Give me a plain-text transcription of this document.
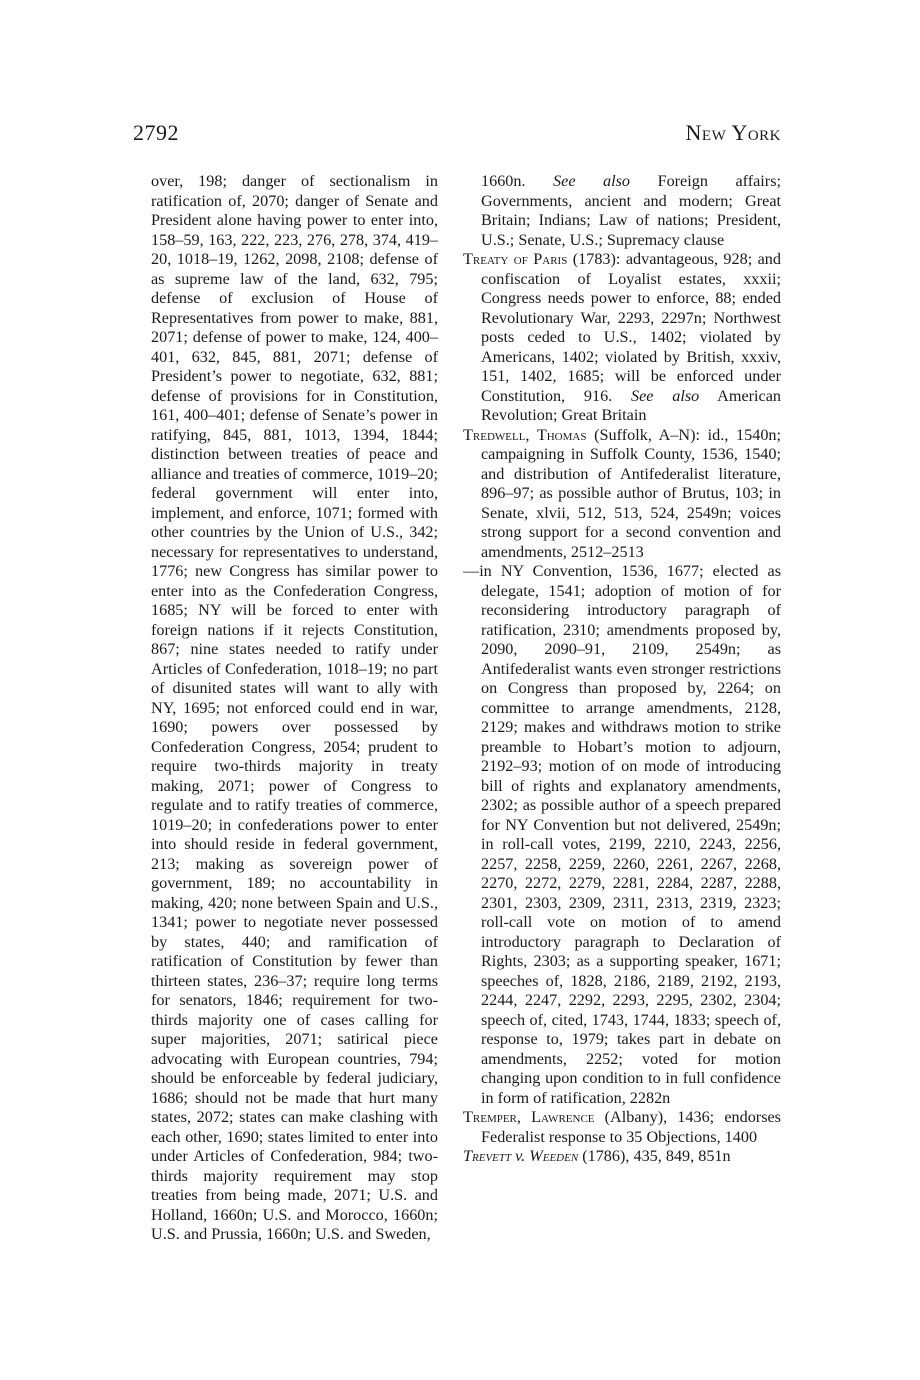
2792	New York

over, 198; danger of sectionalism in ratification of, 2070; danger of Senate and President alone having power to enter into, 158–59, 163, 222, 223, 276, 278, 374, 419–20, 1018–19, 1262, 2098, 2108; defense of as supreme law of the land, 632, 795; defense of exclusion of House of Representatives from power to make, 881, 2071; defense of power to make, 124, 400–401, 632, 845, 881, 2071; defense of President’s power to negotiate, 632, 881; defense of provisions for in Constitution, 161, 400–401; defense of Senate’s power in ratifying, 845, 881, 1013, 1394, 1844; distinction between treaties of peace and alliance and treaties of commerce, 1019–20; federal government will enter into, implement, and enforce, 1071; formed with other countries by the Union of U.S., 342; necessary for representatives to understand, 1776; new Congress has similar power to enter into as the Confederation Congress, 1685; NY will be forced to enter with foreign nations if it rejects Constitution, 867; nine states needed to ratify under Articles of Confederation, 1018–19; no part of disunited states will want to ally with NY, 1695; not enforced could end in war, 1690; powers over possessed by Confederation Congress, 2054; prudent to require two-thirds majority in treaty making, 2071; power of Congress to regulate and to ratify treaties of commerce, 1019–20; in confederations power to enter into should reside in federal government, 213; making as sovereign power of government, 189; no accountability in making, 420; none between Spain and U.S., 1341; power to negotiate never possessed by states, 440; and ramification of ratification of Constitution by fewer than thirteen states, 236–37; require long terms for senators, 1846; requirement for two-thirds majority one of cases calling for super majorities, 2071; satirical piece advocating with European countries, 794; should be enforceable by federal judiciary, 1686; should not be made that hurt many states, 2072; states can make clashing with each other, 1690; states limited to enter into under Articles of Confederation, 984; two-thirds majority requirement may stop treaties from being made, 2071; U.S. and Holland, 1660n; U.S. and Morocco, 1660n; U.S. and Prussia, 1660n; U.S. and Sweden,

1660n. See also Foreign affairs; Governments, ancient and modern; Great Britain; Indians; Law of nations; President, U.S.; Senate, U.S.; Supremacy clause

Treaty of Paris (1783): advantageous, 928; and confiscation of Loyalist estates, xxxii; Congress needs power to enforce, 88; ended Revolutionary War, 2293, 2297n; Northwest posts ceded to U.S., 1402; violated by Americans, 1402; violated by British, xxxiv, 151, 1402, 1685; will be enforced under Constitution, 916. See also American Revolution; Great Britain

Tredwell, Thomas (Suffolk, A–N): id., 1540n; campaigning in Suffolk County, 1536, 1540; and distribution of Antifederalist literature, 896–97; as possible author of Brutus, 103; in Senate, xlvii, 512, 513, 524, 2549n; voices strong support for a second convention and amendments, 2512–2513

—in NY Convention, 1536, 1677; elected as delegate, 1541; adoption of motion of for reconsidering introductory paragraph of ratification, 2310; amendments proposed by, 2090, 2090–91, 2109, 2549n; as Antifederalist wants even stronger restrictions on Congress than proposed by, 2264; on committee to arrange amendments, 2128, 2129; makes and withdraws motion to strike preamble to Hobart’s motion to adjourn, 2192–93; motion of on mode of introducing bill of rights and explanatory amendments, 2302; as possible author of a speech prepared for NY Convention but not delivered, 2549n; in roll-call votes, 2199, 2210, 2243, 2256, 2257, 2258, 2259, 2260, 2261, 2267, 2268, 2270, 2272, 2279, 2281, 2284, 2287, 2288, 2301, 2303, 2309, 2311, 2313, 2319, 2323; roll-call vote on motion of to amend introductory paragraph to Declaration of Rights, 2303; as a supporting speaker, 1671; speeches of, 1828, 2186, 2189, 2192, 2193, 2244, 2247, 2292, 2293, 2295, 2302, 2304; speech of, cited, 1743, 1744, 1833; speech of, response to, 1979; takes part in debate on amendments, 2252; voted for motion changing upon condition to in full confidence in form of ratification, 2282n

Tremper, Lawrence (Albany), 1436; endorses Federalist response to 35 Objections, 1400

Trevett v. Weeden (1786), 435, 849, 851n
